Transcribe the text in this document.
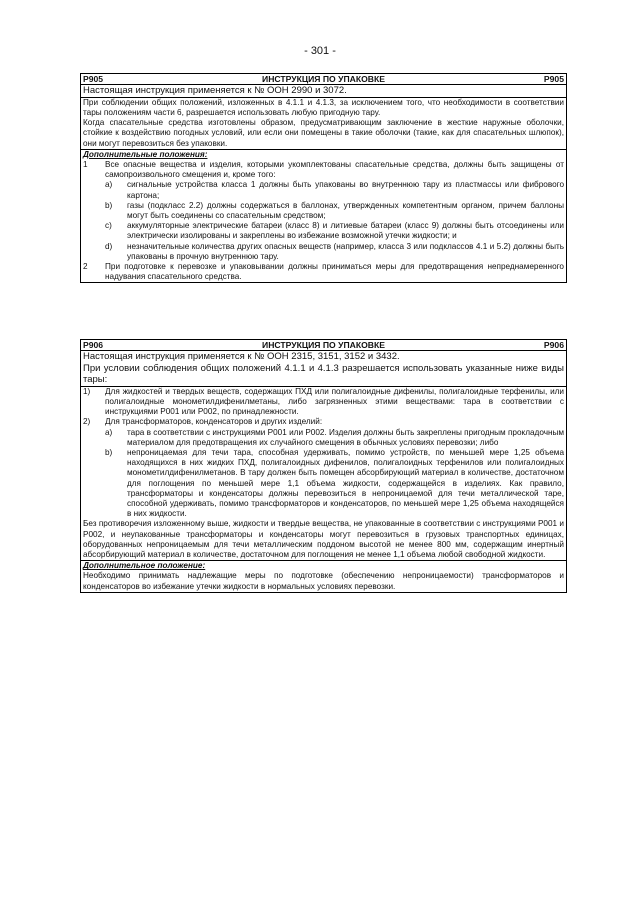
- 301 -
P905	ИНСТРУКЦИЯ ПО УПАКОВКЕ	P905
Настоящая инструкция применяется к № ООН 2990 и 3072.

При соблюдении общих положений, изложенных в 4.1.1 и 4.1.3, за исключением того, что необходимости в соответствии тары положениям части 6, разрешается использовать любую пригодную тару.

Когда спасательные средства изготовлены образом, предусматривающим заключение в жесткие наружные оболочки, стойкие к воздействию погодных условий, или если они помещены в такие оболочки (такие, как для спасательных шлюпок), они могут перевозиться без упаковки.

Дополнительные положения:
1	Все опасные вещества и изделия, которыми укомплектованы спасательные средства, должны быть защищены от самопроизвольного смещения и, кроме того:
a)	сигнальные устройства класса 1 должны быть упакованы во внутреннюю тару из пластмассы или фибрового картона;
b)	газы (подкласс 2.2) должны содержаться в баллонах, утвержденных компетентным органом, причем баллоны могут быть соединены со спасательным средством;
c)	аккумуляторные электрические батареи (класс 8) и литиевые батареи (класс 9) должны быть отсоединены или электрически изолированы и закреплены во избежание возможной утечки жидкости; и
d)	незначительные количества других опасных веществ (например, класса 3 или подклассов 4.1 и 5.2) должны быть упакованы в прочную внутреннюю тару.
2	При подготовке к перевозке и упаковывании должны приниматься меры для предотвращения непреднамеренного надувания спасательного средства.
P906	ИНСТРУКЦИЯ ПО УПАКОВКЕ	P906
Настоящая инструкция применяется к № ООН 2315, 3151, 3152 и 3432.
При условии соблюдения общих положений 4.1.1 и 4.1.3 разрешается использовать указанные ниже виды тары:
1)	Для жидкостей и твердых веществ, содержащих ПХД или полигалоидные дифенилы, полигалоидные терфенилы, или полигалоидные монометилдифенилметаны, либо загрязненных этими веществами: тара в соответствии с инструкциями P001 или P002, по принадлежности.
2)	Для трансформаторов, конденсаторов и других изделий:
a)	тара в соответствии с инструкциями P001 или P002. Изделия должны быть закреплены пригодным прокладочным материалом для предотвращения их случайного смещения в обычных условиях перевозки; либо
b)	непроницаемая для течи тара, способная удерживать, помимо устройств, по меньшей мере 1,25 объема находящихся в них жидких ПХД, полигалоидных дифенилов, полигалоидных терфенилов или полигалоидных монометилдифенилметанов. В тару должен быть помещен абсорбирующий материал в количестве, достаточном для поглощения по меньшей мере 1,1 объема жидкости, содержащейся в изделиях. Как правило, трансформаторы и конденсаторы должны перевозиться в непроницаемой для течи металлической таре, способной удерживать, помимо трансформаторов и конденсаторов, по меньшей мере 1,25 объема находящейся в них жидкости.

Без противоречия изложенному выше, жидкости и твердые вещества, не упакованные в соответствии с инструкциями P001 и P002, и неупакованные трансформаторы и конденсаторы могут перевозиться в грузовых транспортных единицах, оборудованных непроницаемым для течи металлическим поддоном высотой не менее 800 мм, содержащим инертный абсорбирующий материал в количестве, достаточном для поглощения не менее 1,1 объема любой свободной жидкости.

Дополнительное положение:

Необходимо принимать надлежащие меры по подготовке (обеспечению непроницаемости) трансформаторов и конденсаторов во избежание утечки жидкости в нормальных условиях перевозки.
